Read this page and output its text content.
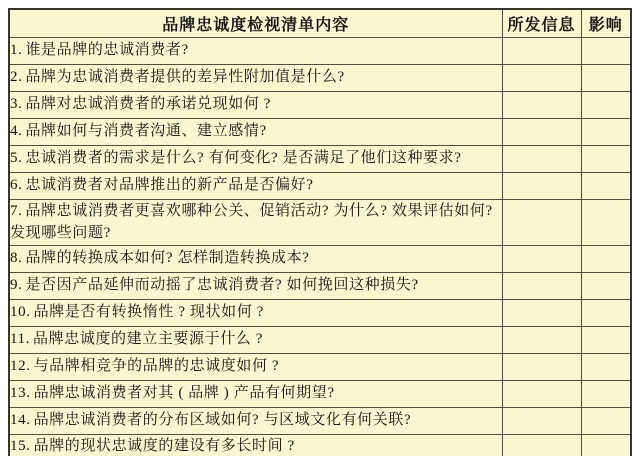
品牌忠诚度检视清单内容	所发信息	影响
1. 谁是品牌的忠诚消费者?		
2. 品牌为忠诚消费者提供的差异性附加值是什么?		
3. 品牌对忠诚消费者的承诺兑现如何 ?		
4. 品牌如何与消费者沟通、建立感情?		
5. 忠诚消费者的需求是什么? 有何变化? 是否满足了他们这种要求?		
6. 忠诚消费者对品牌推出的新产品是否偏好?		
7. 品牌忠诚消费者更喜欢哪种公关、促销活动? 为什么? 效果评估如何? 发现哪些问题?		
8. 品牌的转换成本如何? 怎样制造转换成本?		
9. 是否因产品延伸而动摇了忠诚消费者? 如何挽回这种损失?		
10. 品牌是否有转换惰性 ? 现状如何 ?		
11. 品牌忠诚度的建立主要源于什么 ?		
12. 与品牌相竞争的品牌的忠诚度如何 ?		
13. 品牌忠诚消费者对其 ( 品牌 ) 产品有何期望?		
14. 品牌忠诚消费者的分布区域如何? 与区域文化有何关联?		
15. 品牌的现状忠诚度的建设有多长时间 ?		
